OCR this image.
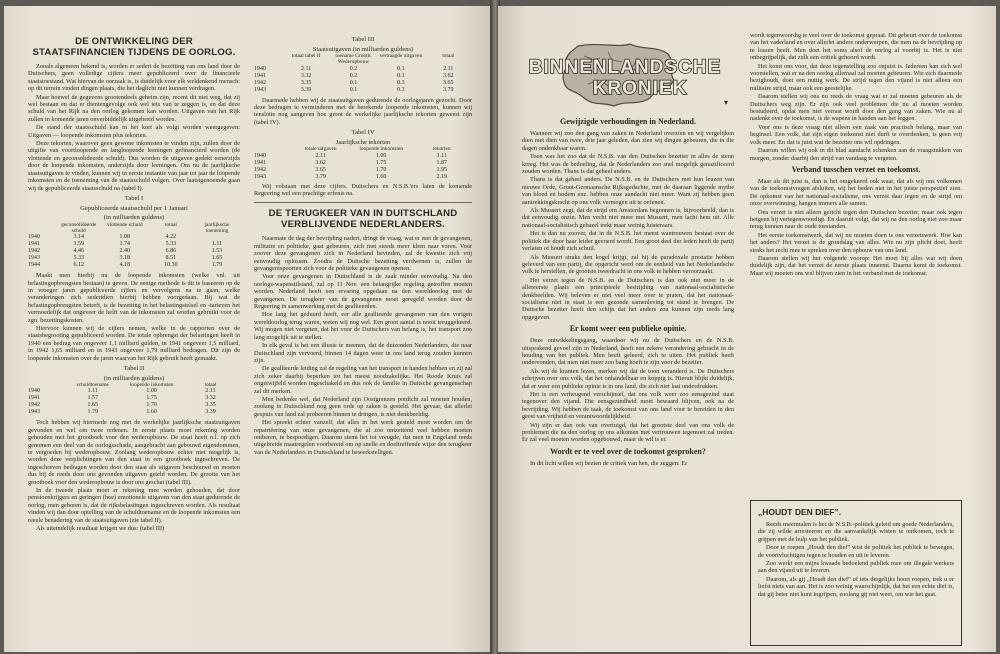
DE ONTWIKKELING DER STAATSFINANCIEN TIJDENS DE OORLOG.

Zooals algemeen bekend is, worden er sedert de bezetting van ons land door de Duitschers, geen volledige cijfers meer gepubliceerd over de financieele staatstoestand. Wat hiervan de oorzaak is, is duidelijk voor elk weldenkend mensch: op dit terrein vinden dingen plaats, die het daglicht niet kunnen verdragen.

Maar hoewel de gegevens grootendeels geheim zijn, recent dit niet weg, dat zij wel bestaan en dat er dientengevolge ook wel iets van te zeggen is, en dat deze schuld van het Rijk na den oorlog gekomen kan worden. Uitgaven van het Rijk zullen in komende jaren onverbiddelijk uitgebreid worden.

De stand der staatsschuld kan in het kort als volgt worden weergegeven: Uitgaven — loopende inkomsten plus tekorten.

Deze tekorten, waarover geen gewone inkomsten te vinden zijn, zullen door de uitgifte van voortloopende en langloopende leeningen gefinancierd worden (de vlottende en geconsolideerde schuld). Dus worden de uitgaven gedekt eenerzijds door de loopende inkomsten, anderzijds door leeningen. Om nu de jaarlijksche staatsuitgaven te vinden, kunnen wij in eerste instantie van jaar tot jaar de loopende inkomsten en de toeneming van de staatsschuld volgen. Over laatstgenoemde gaan wij de gepubliceerde staatsschuld na (tabel I).

Tabel I
Gepubliceerde staatsschuld per 1 Januari
(in milliarden guldens)
geconsolideerde schuld
vlottende schuld	totaal	jaarlijksche toeneming
1940	3.14	1.08	4.22
1941	3.59	1.74	5.33	1.11
1942	4.46	2.40	6.86	1.53
1943	5.33	3.18	8.51	1.65
1944	6.12	4.18	10.30	1.79

Maakt men hierbij nu de loopende inkomsten (welke vnl. uit belastingopbrengsten bestaan) te geven. De eenige methode is dit te baseeren op de in vroeger jaren gepubliceerde cijfers en vervolgens na te gaan, welke veranderingen zich sedertdien hierbij hebben voorgedaan. Bij wat de belastingopbrengsten betreft, is de bezetting in het belastingstelsel en -tarieven het vermoedelijk dat ongeveer de helft van de inkomsten zal worden gebruikt voor de zgn. bezettingskosten.

Hiervoor kunnen wij de cijfers nemen, welke in de rapporten over de staatsbegrooting gepubliceerd worden. De totale opbrengst der belastingen heeft in 1940 een bedrag van ongeveer 1,1 milliard gulden, in 1941 ongeveer 1,5 milliard, in 1942 1,65 milliard en in 1943 ongeveer 1,79 milliard bedragen. Dit zijn de loopende inkomsten over de jaren waarvan het Rijk gebruik heeft gemaakt.

Tabel II
(in milliarden guldens)
schuldtoename	loopende inkomsten	totaal
1940	1.11	1.00	2.11
1941	1.57	1.75	3.32
1942	1.65	1.70	3.35
1943	1.79	1.60	3.39

Toch hebben wij hiermede nog niet de werkelijke jaarlijksche staatsuitgaven gevonden en wel om twee redenen. In eerste plaats moet rekening worden gehouden met het grootboek voor den wederopbouw. De staat heeft n.l. op zich genomen een deel van de oorlogsschade, aangebracht aan gebouwd eigendommen, te vergoeden bij wederopbouw. Zoolang wederopbouw echter niet mogelijk is, worden deze verplichtingen van den staat in een grootboek ingeschreven. De ingeschreven bedragen worden door den staat als uitgaven beschouwd en moeten dus bij de reeds door ons gevonden uitgaven geteld worden. De grootte van het grootboek voor den wederopbouw is door ons geschat (tabel III).

In de tweede plaats moet er rekening mee worden gehouden, dat door pensioenkrijgers en geringen (hoe) emotionele uitgaven van den staat gedurende de oorlog, men geboren is, dat de rijksbelastingen ingeschreven worden. Als resultaat vinden wij dan door optelling van de schuldtoename en de loopende inkomsten een reeele benadering van de staatsuitgaven (zie tabel II).

Als uiteindelijk resultaat krijgen we dus: (tabel III)

Tabel III
Staatsuitgaven (in milliarden guldens)
totaal tabel II	toename Grootb. Wederopbouw
vertraagde uitgaven	totaal
1940	2.11	0.2	0.1	2.11
1941	3.32	0.2	0.1	3.62
1942	3.35	0.1	0.3	3.65
1943	3.39	0.1	0.3	3.79

Daarmede hebben wij de staatsuitgaven gedurende de oorlogsjaren gezocht. Door deze bedragen te verminderen met de berekende loopende inkomsten, kunnen wij tenslotte nog aangeven hoe groot de werkelijke jaarlijksche tekorten geweest zijn (tabel IV).

Tabel IV
Jaarlijksche tekorten
totale uitgaven	loopende inkomsten	tekorten
1940	2.11	1.00	1.11
1941	3.62	1.75	1.87
1942	3.65	1.70	1.95
1943	3.79	1.60	2.19

Wij volstaan met deze cijfers. Duitschers en N.S.B.'ers laten de komende Regeering wel een prachtige erfenis na.

DE TERUGKEER VAN IN DUITSCHLAND VERBLIJVENDE NEDERLANDERS.

Naarmate de dag der bevrijding nadert, dringt de vraag, wat er met de gevangenen, militaire en politieke, gaat gebeuren, zich met steeds meer klem naar voren. Voor zoover deze gevangenen zich in Nederland bevinden, zal de kwestie zich vrij eenvoudig oplossen. Zoodra de Duitsche bezetting verdwenen is, zullen de gevangenispoorten zich voor de politieke gevangenen openen.

Voor onze gevangenen in Duitschland is de zaak minder eenvoudig. Na den oorlogs-wapenstilstand, zal op 11 Nov. een belangrijke regeling getroffen moeten worden. Nederland heeft een ervaring opgedaan na den wereldoorlog met de gevangenen. De terugkeer van de gevangenen moet geregeld worden door de Regeering in samenwerking met de geallieerden.

Hoe lang het geduurd heeft, eer alle geallieerde gevangenen van den vorigen wereldoorlog terug waren, weten wij nog wel. Een groot aantal is nooit teruggekeerd. Wij mogen niet vergeten, dat het voor de Duitschers van belang is, het transport zoo lang mogelijk uit te stellen.

In elk geval is het een illusie te meenen, dat de duizenden Nederlanders, die naar Duitschland zijn vervoerd, binnen 14 dagen weer in ons land terug zouden kunnen zijn.

De geallieerde leiding zal de regeling van het transport in handen hebben en zij zal zich zeker daarbij beperken tot het meest noodzakelijke. Het Roode Kruis zal ongetwijfeld worden ingeschakeld en dus ook de familie in Duitsche gevangenschap zal dit merken.

Men bedenke wel, dat Nederland zijn Oostgrenzen potdicht zal moeten houden, zoolang in Duitschland nog geen orde op zaken is gesteld. Het gevaar, dat allerlei gespuis van land zal probeeren binnen te dringen, is niet denkbeeldig.

Het spreekt echter vanzelf, dat alles in het werk gesteld moet worden om de repatriëering van onze gevangenen, die al zoo ontzettend veel hebben moeten ontberen, te bespoedigen. Daarom stemt het tot vreugde, dat men in Engeland reeds uitgebreide maatregelen voorbereid om op snelle en doeltreffende wijze den terugkeer van de Nederlanders in Duitschland te bewerkstelligen.

BINNENLANDSCHE
KRONIEK
▾
Gewijzigde verhoudingen in Nederland.

Wanneer wij zoo den gang van zaken in Nederland overzien en wij vergelijken dien met dien van twee, drie jaar geleden, dan zien wij dingen gebeuren, die in die dagen ondenkbaar waren.

Toen was het zoo dat de N.S.B. van den Duitschen bezetter in alles de steun kreeg. Het was de bedoeling, dat de Nederlanders zoo snel mogelijk genazificeerd zouden worden. Thans is dat geheel anders.

Thans is dat geheel anders. De N.S.B. en de Duitschers met hun leuzen van nieuwe Orde, Groot-Germaansche Rijksgedachte, met de daaraan liggende mythe van bloed en bodem enz. hebben onze aandacht niet meer. Want zij hebben geen aantrekkingskracht op ons volk vermogen uit te oefenen.

Als Mussert zegt, dat de strijd om Amsterdam begonnen is, bijvoorbeeld, dan is dat eenvoudig onzin. Men vecht niet meer met Mussert, men lacht hem uit. Alle nationaal-socialistisch gebazel trekt maar weinig luisteraars.

Het is dan nu zoover, dat in de N.S.B. het meest wantrouwen bestaat over de politiek die door haar leider gevoerd wordt. Een groot deel der leden heeft de partij verlaten of houdt zich schuil.

Als Mussert straks den kogel krijgt, zal hij de paradoxale prestatie hebben geleverd van een partij, die opgericht werd om de eenheid van het Nederlandsche volk te herstellen, de grootste tweedracht in ons volk te hebben veroorzaakt.

Het verzet tegen de N.S.B. en de Duitschers is dan ook niet meer in de allereerste plaats een principieele bestrijding van nationaal-socialistische denkbeelden. Wij beleven er niet veel meer over te praten, dat het nationaal-socialisme niet in staat is een gezonde samenleving tot stand te brengen. De Duitsche bezetter heeft den schijn dat het anders zou kunnen zijn reeds lang opgegeven.

Er komt weer een publieke opinie.

Deze ontwikkelingsgang, waardoor wij nu de Duitschers en de N.S.B. uitsprakend gevoel zijn in Nederland, heeft een zekere verandering gebracht in de houding van het publiek. Men heeft geleerd, zich te uiten. Het publiek heeft ondervonden, dat men niet meer zoo bang hoeft te zijn voor de bezetter.

Als wij de kranten lezen, merken wij dat de toon veranderd is. De Duitschers schrijven over ons volk, dat het onhandelbaar en koppig is. Hieruit blijkt duidelijk, dat er weer een publieke opinie is in ons land, die zich niet laat onderdrukken.

Het is een verheugend verschijnsel, dat ons volk weer zoo eensgezind staat tegenover den vijand. Die eensgezindheid moet bewaard blijven, ook na de bevrijding. Wij hebben de taak, de toekomst van ons land voor te bereiden in den geest van vrijheid en verantwoordelijkheid.

Wij zijn er dan ook van overtuigd, dat het grootste deel van ons volk de problemen die na den oorlog op ons afkomen met vertrouwen tegemoet zal treden. Er zal veel moeten worden opgebouwd, maar de wil is er.

Wordt er te veel over de toekomst gesproken?

In dit licht willen wij bezien de critiek van hen, die zeggen: Er

wordt tegenwoordig te veel over de toekomst gepraat. Dit gebeurt over de toekomst van het vaderland en over allerlei andere onderwerpen, die men na de bevrijding op te lossen heeft. Men doet het soms alsof de oorlog al voorbij is. Het is niet onbegrijpelijk, dat zulk een critiek gehoord wordt.

Het komt ons voor, dat deze tegenstelling zoo onjuist is. Iedereen kan zich wel voorstellen, wat er na den oorlog allemaal zal moeten gebeuren. Wie zich daarmede bezighoudt, doet een nuttig werk. De strijd tegen den vijand is niet alleen een militaire strijd, maar ook een geestelijke.

Daarom stellen wij ons nu reeds de vraag wat er zal moeten gebeuren als de Duitschers weg zijn. Er zijn ook veel problemen die nu al moeten worden bestudeerd, opdat men niet verrast wordt door den gang van zaken. Wie nu al nadenkt over de toekomst, is de wapens in handen aan het leggen.

Voor ons is deze vraag niet alleen een zaak van practisch belang, maar van beginsel. Een volk, dat zijn eigen toekomst niet durft te overdenken, is geen vrij volk meer. En dat is juist wat de bezetter ons wil opdringen.

Daarom willen wij ook in dit blad aandacht schenken aan de vraagstukken van morgen, zonder daarbij den strijd van vandaag te vergeten.

Verband tusschen verzet en toekomst.

Maar als dit juist is, dan is het omgekeerd ook waar, dat als wij ons volkomen van de toekomstvragen afsluiten, wij het beden niet in het juiste perspectief zien. De opkomst van het nationaal-socialisme, ons verzet daar tegen en de strijd om onze overwinning, hangen immers alle samen.

Ons verzet is niet alleen gericht tegen den Duitschen bezetter, maar ook tegen hetgeen hij vertegenwoordigt. En daaruit volgt, dat wij na den oorlog niet zoo maar terug kunnen naar de oude toestanden.

Het eerste toekomstwerk, dat wij nu moeten doen is ons verzetswerk. Hoe kan het anders? Het verzet is de grondslag van alles. Wie nu zijn plicht doet, heeft straks het recht mee te spreken over den opbouw van ons land.

Daarom stellen wij het volgende voorop: Het moet bij alles wat wij doen duidelijk zijn, dat het verzet de eerste plaats inneemt. Daarna komt de toekomst. Maar wij moeten ons wel blijven zien in het verband met de toekomst.

„HOUDT DEN DIEF”.

Reeds meermalen is het de N.S.B.-politiek geleid om goede Nederlanders, die zij wilde arresteeren en die aanvankelijk wisten te ontkomen, toch te grijpen met de hulp van het publiek.

Door te roepen „Houdt den dief” wist de politiek het publiek te bewegen, de voortvluchtigen tegen te houden en uit te leveren.

Zoo werkt een mijns kwaade bedoelend publiek mee om illegale werkers aan den vijand uit te leveren.

Daarom, als gij „Houdt den dief” of iets dergelijks hoort roepen, trek u er liefst niets van aan. Het is zoo weinig waarschijnlijk, dat het een echte dief is, dat gij beter niet kunt ingrijpen, zoolang gij niet weet, om wie het gaat.
